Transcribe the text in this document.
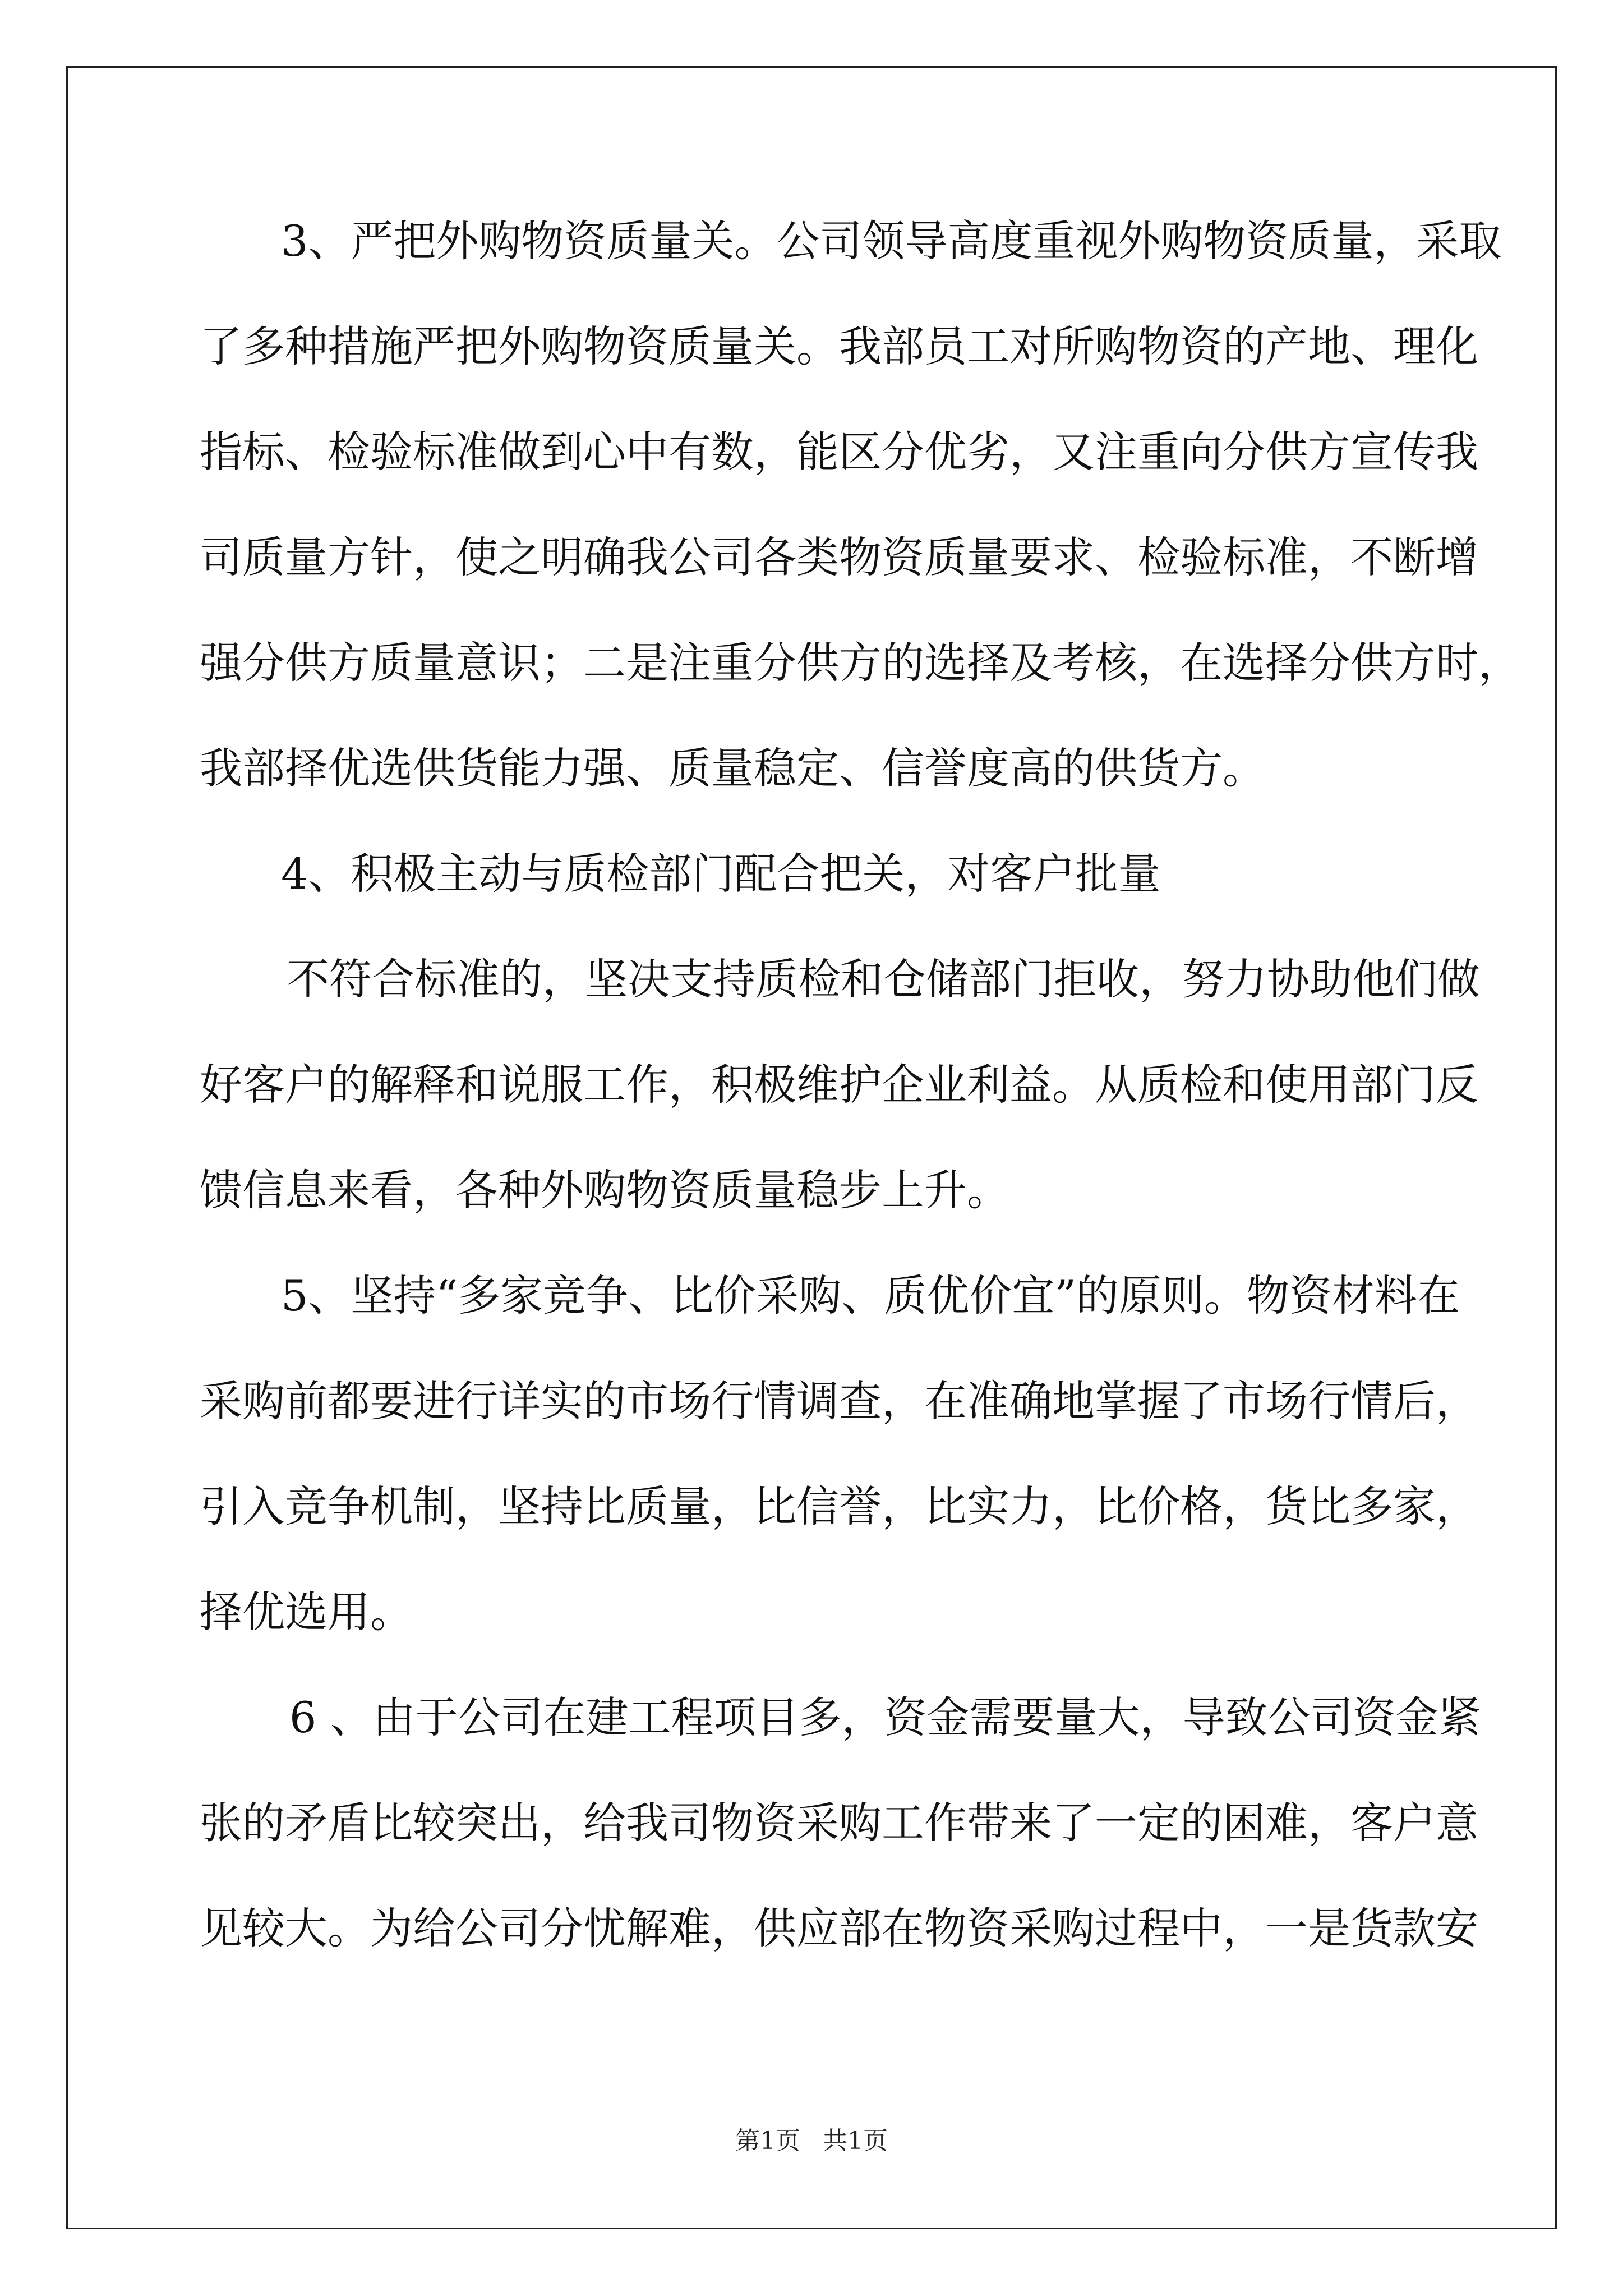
3、严把外购物资质量关。公司领导高度重视外购物资质量，采取
了多种措施严把外购物资质量关。我部员工对所购物资的产地、理化
指标、检验标准做到心中有数，能区分优劣，又注重向分供方宣传我
司质量方针，使之明确我公司各类物资质量要求、检验标准，不断增
强分供方质量意识；二是注重分供方的选择及考核，在选择分供方时，
我部择优选供货能力强、质量稳定、信誉度高的供货方。
4、积极主动与质检部门配合把关，对客户批量
不符合标准的，坚决支持质检和仓储部门拒收，努力协助他们做
好客户的解释和说服工作，积极维护企业利益。从质检和使用部门反
馈信息来看，各种外购物资质量稳步上升。
5、坚持“多家竞争、比价采购、质优价宜”的原则。物资材料在
采购前都要进行详实的市场行情调查，在准确地掌握了市场行情后，
引入竞争机制，坚持比质量，比信誉，比实力，比价格，货比多家，
择优选用。
6 、由于公司在建工程项目多，资金需要量大，导致公司资金紧
张的矛盾比较突出，给我司物资采购工作带来了一定的困难，客户意
见较大。为给公司分忧解难，供应部在物资采购过程中，一是货款安
第1页 共1页
